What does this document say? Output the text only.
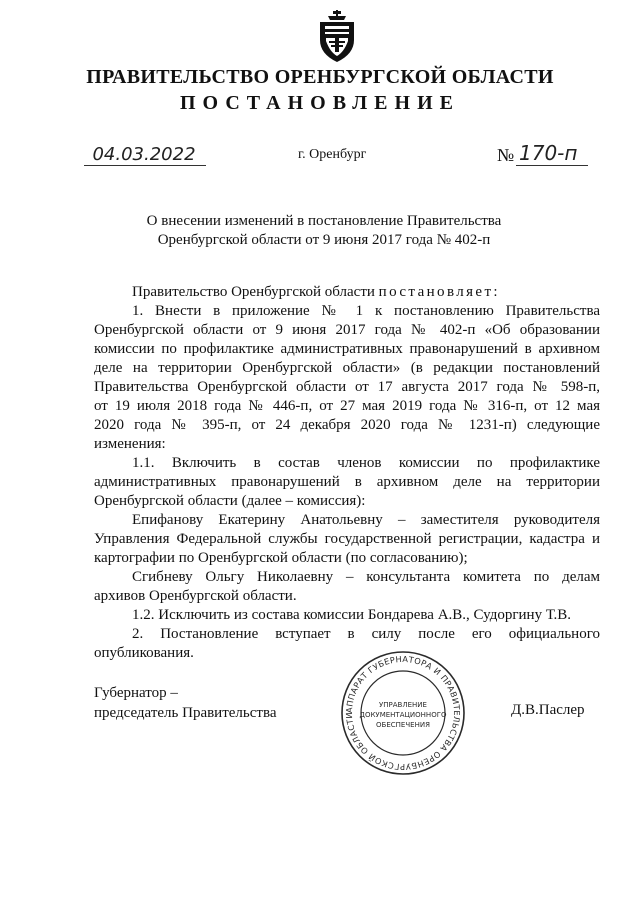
ПРАВИТЕЛЬСТВО ОРЕНБУРГСКОЙ ОБЛАСТИ
ПОСТАНОВЛЕНИЕ
04.03.2022	г. Оренбург	№ 170-п
О внесении изменений в постановление Правительства
Оренбургской области от 9 июня 2017 года № 402-п

Правительство Оренбургской области постановляет:

1. Внести в приложение № 1 к постановлению Правительства

Оренбургской области от 9 июня 2017 года № 402-п «Об образовании

комиссии по профилактике административных правонарушений в архивном

деле на территории Оренбургской области» (в редакции постановлений

Правительства Оренбургской области от 17 августа 2017 года № 598-п,

от 19 июля 2018 года № 446-п, от 27 мая 2019 года № 316-п, от 12 мая

2020 года № 395-п, от 24 декабря 2020 года № 1231-п) следующие

изменения:

1.1. Включить в состав членов комиссии по профилактике

административных правонарушений в архивном деле на территории

Оренбургской области (далее – комиссия):

Епифанову Екатерину Анатольевну – заместителя руководителя

Управления Федеральной службы государственной регистрации, кадастра и

картографии по Оренбургской области (по согласованию);

Сгибневу Ольгу Николаевну – консультанта комитета по делам

архивов Оренбургской области.

1.2. Исключить из состава комиссии Бондарева А.В., Судоргину Т.В.

2. Постановление вступает в силу после его официального

опубликования.

Губернатор –
председатель Правительства	Д.В.Паслер
АППАРАТ ГУБЕРНАТОРА И ПРАВИТЕЛЬСТВА ОРЕНБУРГСКОЙ ОБЛАСТИ
УПРАВЛЕНИЕ
ДОКУМЕНТАЦИОННОГО
ОБЕСПЕЧЕНИЯ
